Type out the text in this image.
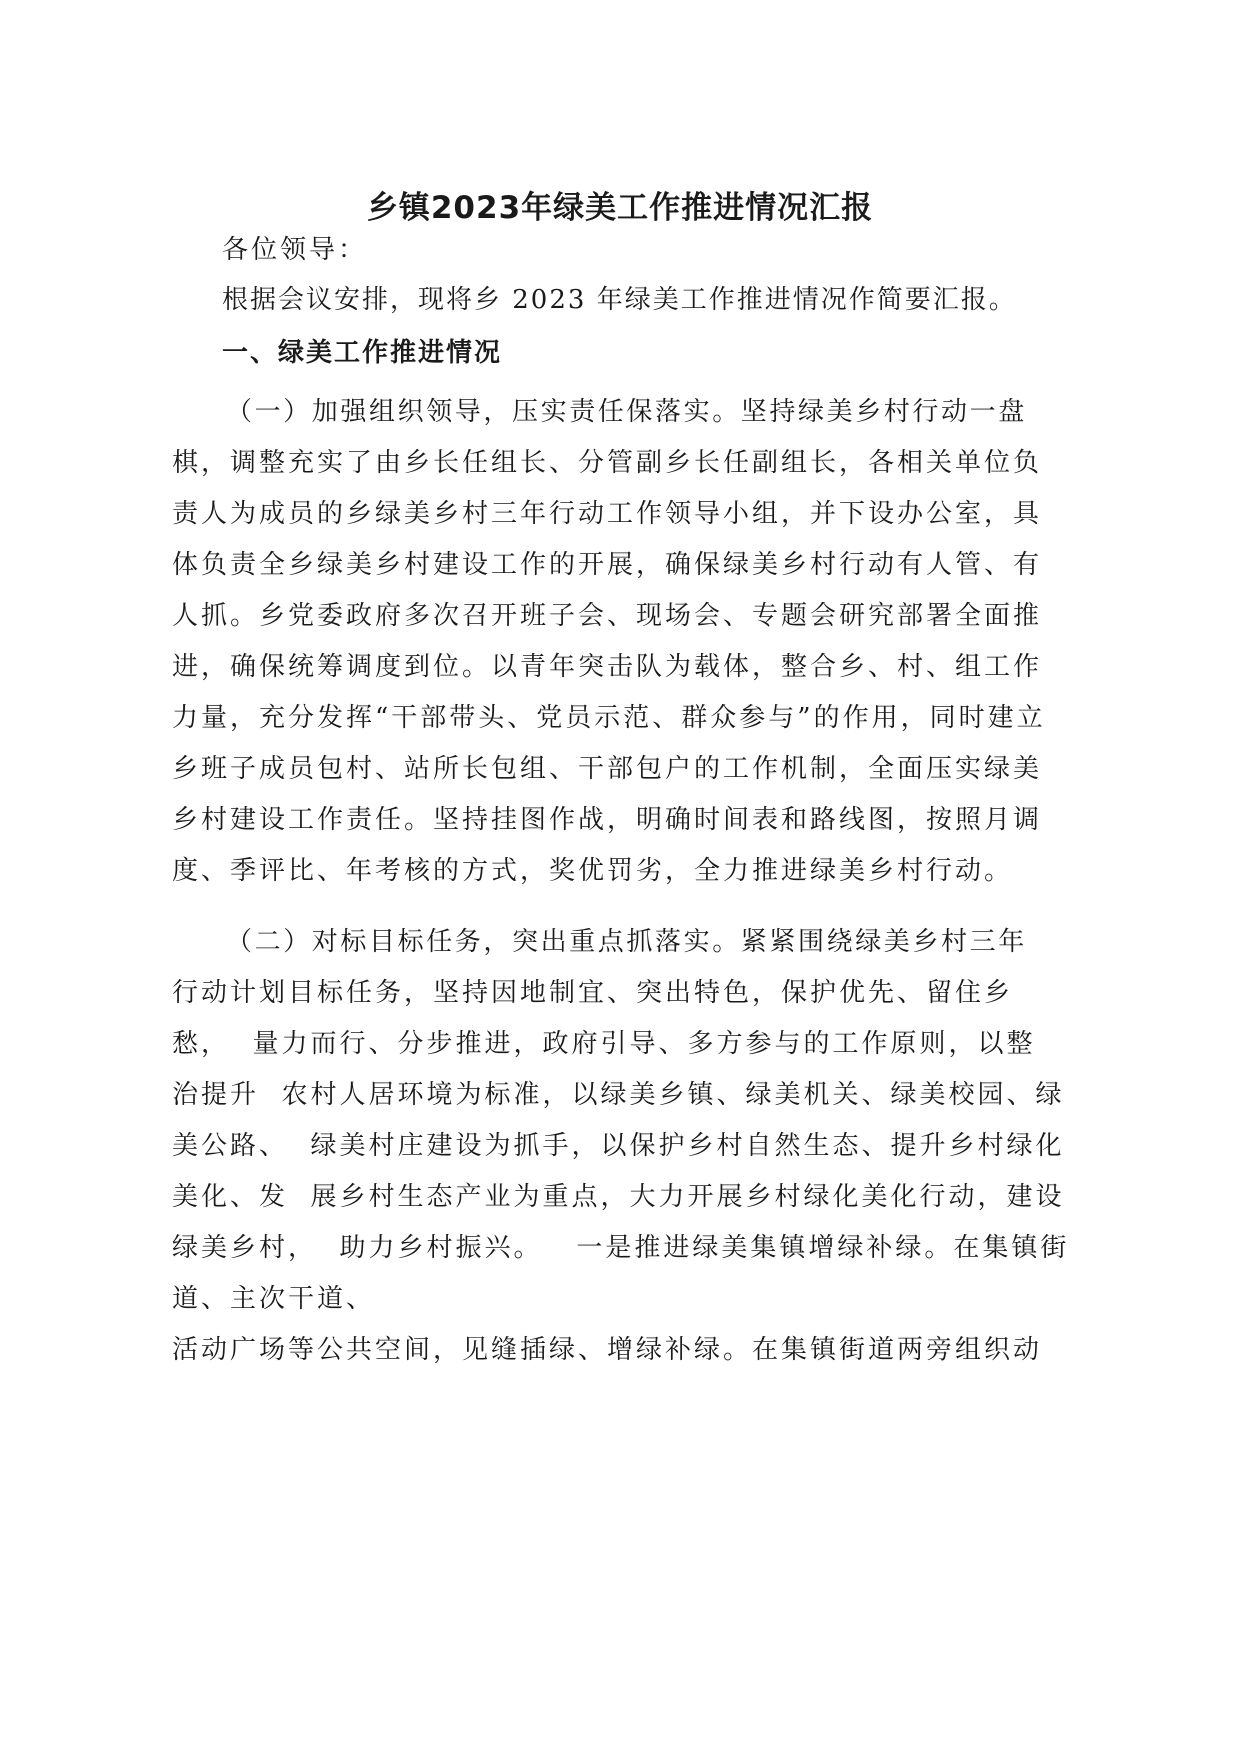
乡镇2023年绿美工作推进情况汇报
各位领导：
根据会议安排，现将乡 2023 年绿美工作推进情况作简要汇报。
一、绿美工作推进情况
（一）加强组织领导，压实责任保落实。坚持绿美乡村行动一盘
棋，调整充实了由乡长任组长、分管副乡长任副组长，各相关单位负
责人为成员的乡绿美乡村三年行动工作领导小组，并下设办公室，具
体负责全乡绿美乡村建设工作的开展，确保绿美乡村行动有人管、有
人抓。乡党委政府多次召开班子会、现场会、专题会研究部署全面推
进，确保统筹调度到位。以青年突击队为载体，整合乡、村、组工作
力量，充分发挥“干部带头、党员示范、群众参与”的作用，同时建立
乡班子成员包村、站所长包组、干部包户的工作机制，全面压实绿美
乡村建设工作责任。坚持挂图作战，明确时间表和路线图，按照月调
度、季评比、年考核的方式，奖优罚劣，全力推进绿美乡村行动。
（二）对标目标任务，突出重点抓落实。紧紧围绕绿美乡村三年
行动计划目标任务，坚持因地制宜、突出特色，保护优先、留住乡
愁，  量力而行、分步推进，政府引导、多方参与的工作原则，以整
治提升  农村人居环境为标准，以绿美乡镇、绿美机关、绿美校园、绿
美公路、  绿美村庄建设为抓手，以保护乡村自然生态、提升乡村绿化
美化、发  展乡村生态产业为重点，大力开展乡村绿化美化行动，建设
绿美乡村，  助力乡村振兴。   一是推进绿美集镇增绿补绿。在集镇街
道、主次干道、
活动广场等公共空间，见缝插绿、增绿补绿。在集镇街道两旁组织动
